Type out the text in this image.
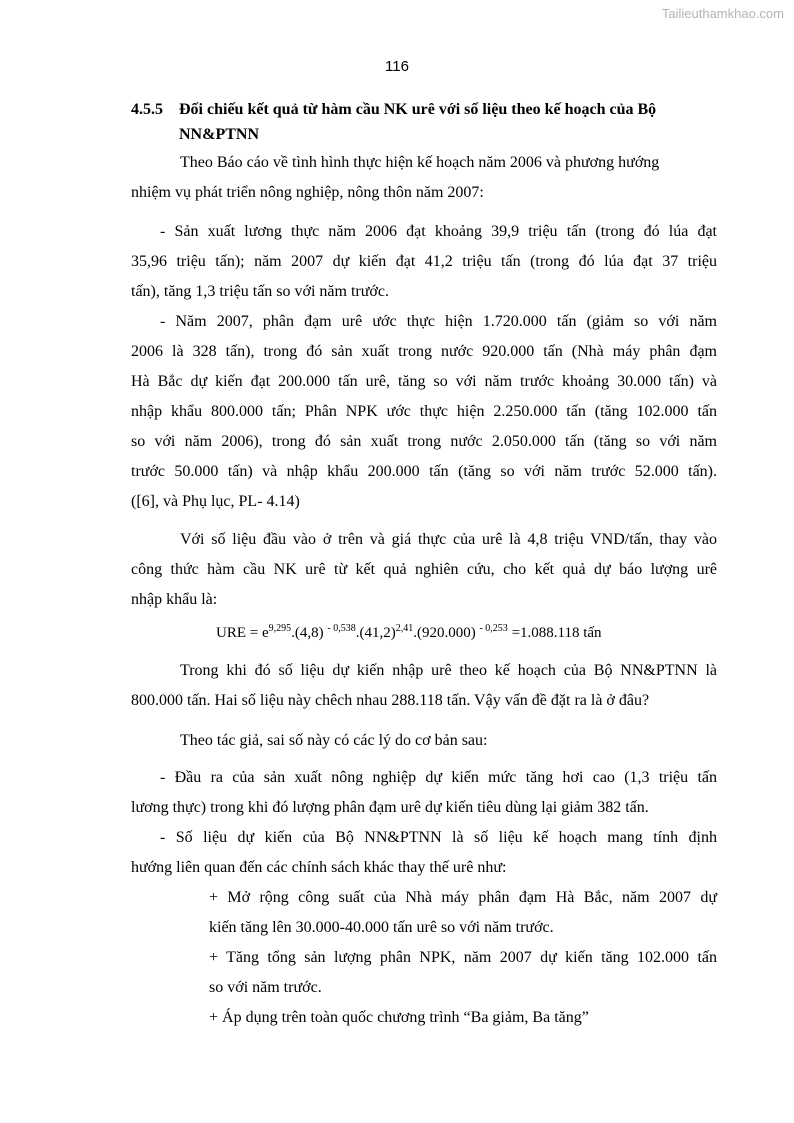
Tailieuthamkhao.com
116
4.5.5 Đối chiếu kết quả từ hàm cầu NK urê với số liệu theo kế hoạch của Bộ
NN&PTNN
Theo Báo cáo về tình hình thực hiện kế hoạch năm 2006 và phương hướng
nhiệm vụ phát triển nông nghiệp, nông thôn năm 2007:
- Sản xuất lương thực năm 2006 đạt khoảng 39,9 triệu tấn (trong đó lúa đạt
35,96 triệu tấn); năm 2007 dự kiến đạt 41,2 triệu tấn (trong đó lúa đạt 37 triệu
tấn), tăng 1,3 triệu tấn so với năm trước.
- Năm 2007, phân đạm urê ước thực hiện 1.720.000 tấn (giảm so với năm
2006 là 328 tấn), trong đó sản xuất trong nước 920.000 tấn (Nhà máy phân đạm
Hà Bắc dự kiến đạt 200.000 tấn urê, tăng so với năm trước khoảng 30.000 tấn) và
nhập khẩu 800.000 tấn; Phân NPK ước thực hiện 2.250.000 tấn (tăng 102.000 tấn
so với năm 2006), trong đó sản xuất trong nước 2.050.000 tấn (tăng so với năm
trước 50.000 tấn) và nhập khẩu 200.000 tấn (tăng so với năm trước 52.000 tấn).
([6], và Phụ lục, PL- 4.14)
Với số liệu đầu vào ở trên và giá thực của urê là 4,8 triệu VND/tấn, thay vào
công thức hàm cầu NK urê từ kết quả nghiên cứu, cho kết quả dự báo lượng urê
nhập khẩu là:
URE = $e^{9,295}.(4,8)$ $^{- 0,538}.(41,2)^{2,41}.(920.000)$ $^{- 0,253}$ =1.088.118 tấn
Trong khi đó số liệu dự kiến nhập urê theo kế hoạch của Bộ NN&PTNN là
800.000 tấn. Hai số liệu này chêch nhau 288.118 tấn. Vậy vấn đề đặt ra là ở đâu?
Theo tác giả, sai số này có các lý do cơ bản sau:
- Đầu ra của sản xuất nông nghiệp dự kiến mức tăng hơi cao (1,3 triệu tấn
lương thực) trong khi đó lượng phân đạm urê dự kiến tiêu dùng lại giảm 382 tấn.
- Số liệu dự kiến của Bộ NN&PTNN là số liệu kế hoạch mang tính định
hướng liên quan đến các chính sách khác thay thế urê như:
+ Mở rộng công suất của Nhà máy phân đạm Hà Bắc, năm 2007 dự
kiến tăng lên 30.000-40.000 tấn urê so với năm trước.
+ Tăng tổng sản lượng phân NPK, năm 2007 dự kiến tăng 102.000 tấn
so với năm trước.
+ Áp dụng trên toàn quốc chương trình “Ba giảm, Ba tăng”
